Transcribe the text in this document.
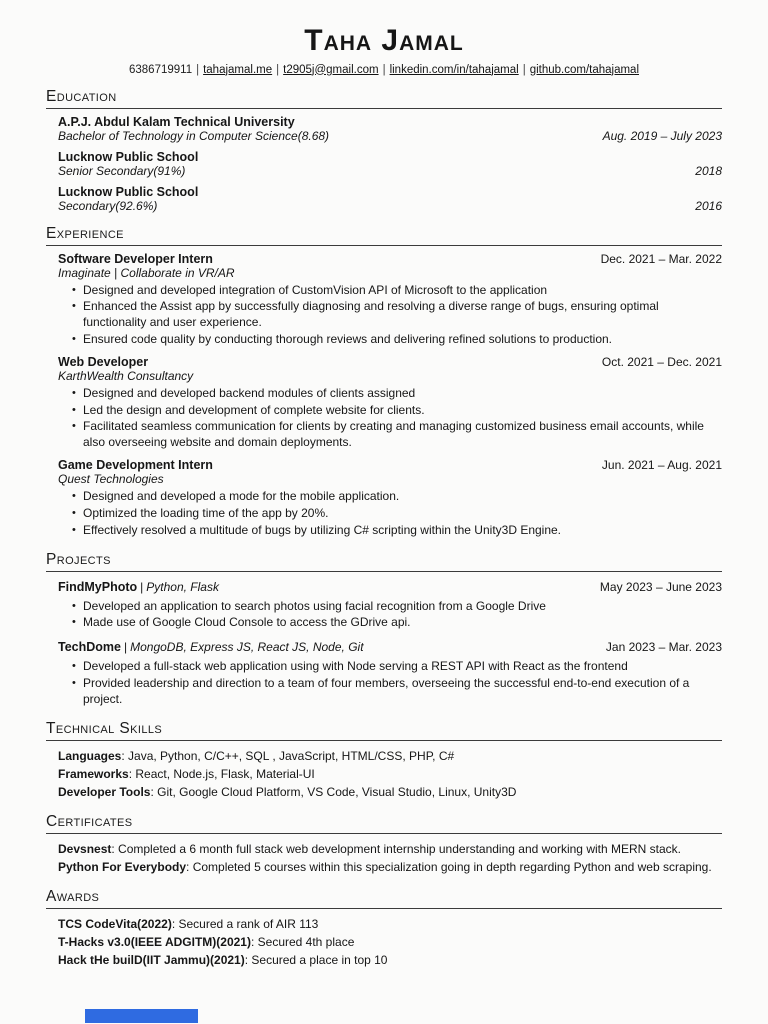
Taha Jamal

6386719911 | tahajamal.me | t2905j@gmail.com | linkedin.com/in/tahajamal | github.com/tahajamal

Education
A.P.J. Abdul Kalam Technical University
Bachelor of Technology in Computer Science(8.68)	Aug. 2019 – July 2023
Lucknow Public School
Senior Secondary(91%)	2018
Lucknow Public School
Secondary(92.6%)	2016
Experience
Software Developer Intern	Dec. 2021 – Mar. 2022
Imaginate | Collaborate in VR/AR
• Designed and developed integration of CustomVision API of Microsoft to the application
• Enhanced the Assist app by successfully diagnosing and resolving a diverse range of bugs, ensuring optimal functionality and user experience.
• Ensured code quality by conducting thorough reviews and delivering refined solutions to production.
Web Developer	Oct. 2021 – Dec. 2021
KarthWealth Consultancy
• Designed and developed backend modules of clients assigned
• Led the design and development of complete website for clients.
• Facilitated seamless communication for clients by creating and managing customized business email accounts, while also overseeing website and domain deployments.
Game Development Intern	Jun. 2021 – Aug. 2021
Quest Technologies
• Designed and developed a mode for the mobile application.
• Optimized the loading time of the app by 20%.
• Effectively resolved a multitude of bugs by utilizing C# scripting within the Unity3D Engine.
Projects
FindMyPhoto | Python, Flask	May 2023 – June 2023
• Developed an application to search photos using facial recognition from a Google Drive
• Made use of Google Cloud Console to access the GDrive api.
TechDome | MongoDB, Express JS, React JS, Node, Git	Jan 2023 – Mar. 2023
• Developed a full-stack web application using with Node serving a REST API with React as the frontend
• Provided leadership and direction to a team of four members, overseeing the successful end-to-end execution of a project.
Technical Skills
Languages: Java, Python, C/C++, SQL , JavaScript, HTML/CSS, PHP, C#
Frameworks: React, Node.js, Flask, Material-UI
Developer Tools: Git, Google Cloud Platform, VS Code, Visual Studio, Linux, Unity3D
Certificates
Devsnest: Completed a 6 month full stack web development internship understanding and working with MERN stack.
Python For Everybody: Completed 5 courses within this specialization going in depth regarding Python and web scraping.
Awards
TCS CodeVita(2022): Secured a rank of AIR 113
T-Hacks v3.0(IEEE ADGITM)(2021): Secured 4th place
Hack tHe builD(IIT Jammu)(2021): Secured a place in top 10
